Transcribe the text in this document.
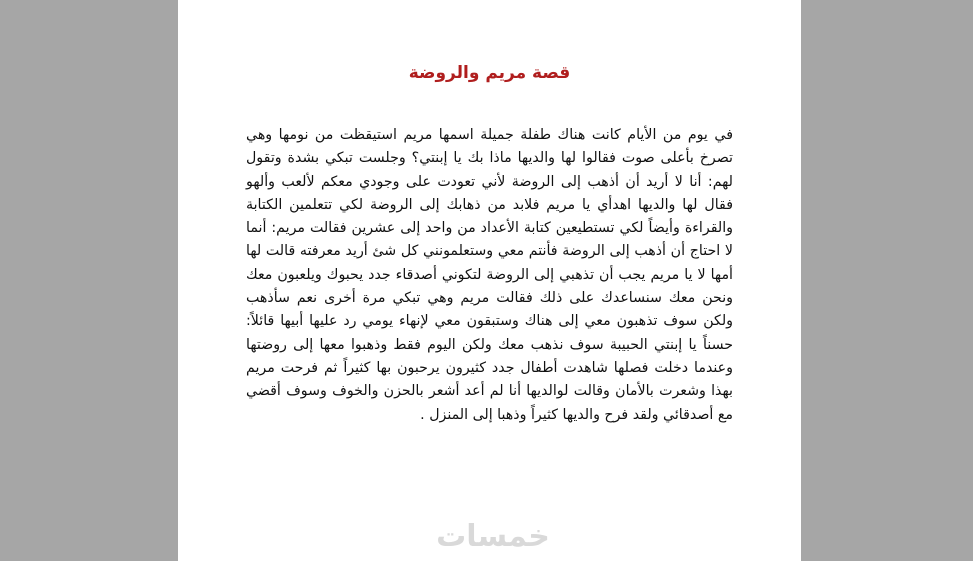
قصة مريم والروضة

في يوم من الأيام كانت هناك طفلة جميلة اسمها مريم استيقظت من نومها وهي تصرخ بأعلى صوت فقالوا لها والديها ماذا بك يا إبنتي؟ وجلست تبكي بشدة وتقول لهم: أنا لا أريد أن أذهب إلى الروضة لأني تعودت على وجودي معكم لألعب وألهو فقال لها والديها اهدأي يا مريم فلابد من ذهابك إلى الروضة لكي تتعلمين الكتابة والقراءة وأيضاً لكي تستطيعين كتابة الأعداد من واحد إلى عشرين فقالت مريم: أنما لا احتاج أن أذهب إلى الروضة فأنتم معي وستعلمونني كل شئ أريد معرفته قالت لها أمها لا يا مريم يجب أن تذهبي إلى الروضة لتكوني أصدقاء جدد يحبوك ويلعبون معك ونحن معك سنساعدك على ذلك فقالت مريم وهي تبكي مرة أخرى نعم سأذهب ولكن سوف تذهبون معي إلى هناك وستبقون معي لإنهاء يومي رد عليها أبيها قائلاً: حسناً يا إبنتي الحبيبة سوف نذهب معك ولكن اليوم فقط وذهبوا معها إلى روضتها وعندما دخلت فصلها شاهدت أطفال جدد كثيرون يرحبون بها كثيراً ثم فرحت مريم بهذا وشعرت بالأمان وقالت لوالديها أنا لم أعد أشعر بالحزن والخوف وسوف أقضي مع أصدقائي ولقد فرح والديها كثيراً وذهبا إلى المنزل .

خمسات
